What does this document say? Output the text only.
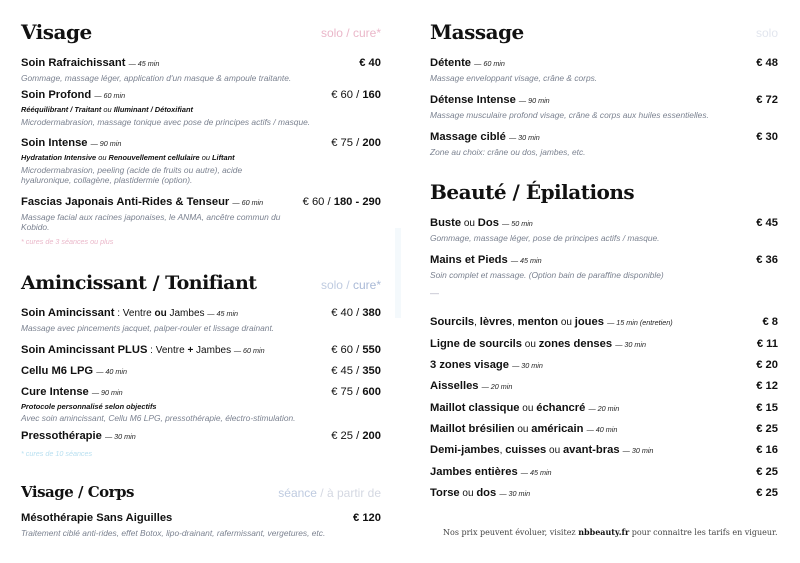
Visage	solo / cure*
Soin Rafraichissant — 45 min	€ 40
Gommage, massage léger, application d'un masque & ampoule traitante.
Soin Profond — 60 min	€ 60 / 160
Rééquilibrant / Traitant ou Illuminant / Détoxifiant
Microdermabrasion, massage tonique avec pose de principes actifs / masque.
Soin Intense — 90 min	€ 75 / 200
Hydratation Intensive ou Renouvellement cellulaire ou Liftant
Microdermabrasion, peeling (acide de fruits ou autre), acide hyaluronique, collagène, plastidermie (option).
Fascias Japonais Anti-Rides & Tenseur — 60 min	€ 60 / 180 - 290
Massage facial aux racines japonaises, le ANMA, ancêtre commun du Kobido.
* cures de 3 séances ou plus
Amincissant / Tonifiant	solo / cure*
Soin Amincissant : Ventre ou Jambes — 45 min	€ 40 / 380
Massage avec pincements jacquet, palper-rouler et lissage drainant.
Soin Amincissant PLUS : Ventre + Jambes — 60 min	€ 60 / 550
Cellu M6 LPG — 40 min	€ 45 / 350
Cure Intense — 90 min	€ 75 / 600
Protocole personnalisé selon objectifs
Avec soin amincissant, Cellu M6 LPG, pressothérapie, électro-stimulation.
Pressothérapie — 30 min	€ 25 / 200
* cures de 10 séances
Visage / Corps	séance / à partir de
Mésothérapie Sans Aiguilles	€ 120
Traitement ciblé anti-rides, effet Botox, lipo-drainant, rafermissant, vergetures, etc.
Massage	solo
Détente — 60 min	€ 48
Massage enveloppant visage, crâne & corps.
Détense Intense — 90 min	€ 72
Massage musculaire profond visage, crâne & corps aux huiles essentielles.
Massage ciblé — 30 min	€ 30
Zone au choix: crâne ou dos, jambes, etc.
Beauté / Épilations
Buste ou Dos — 50 min	€ 45
Gommage, massage léger, pose de principes actifs / masque.
Mains et Pieds — 45 min	€ 36
Soin complet et massage. (Option bain de paraffine disponible)
—
Sourcils, lèvres, menton ou joues — 15 min (entretien)	€ 8
Ligne de sourcils ou zones denses — 30 min	€ 11
3 zones visage — 30 min	€ 20
Aisselles — 20 min	€ 12
Maillot classique ou échancré — 20 min	€ 15
Maillot brésilien ou américain — 40 min	€ 25
Demi-jambes, cuisses ou avant-bras — 30 min	€ 16
Jambes entières — 45 min	€ 25
Torse ou dos — 30 min	€ 25
Nos prix peuvent évoluer, visitez nbbeauty.fr pour connaitre les tarifs en vigueur.
